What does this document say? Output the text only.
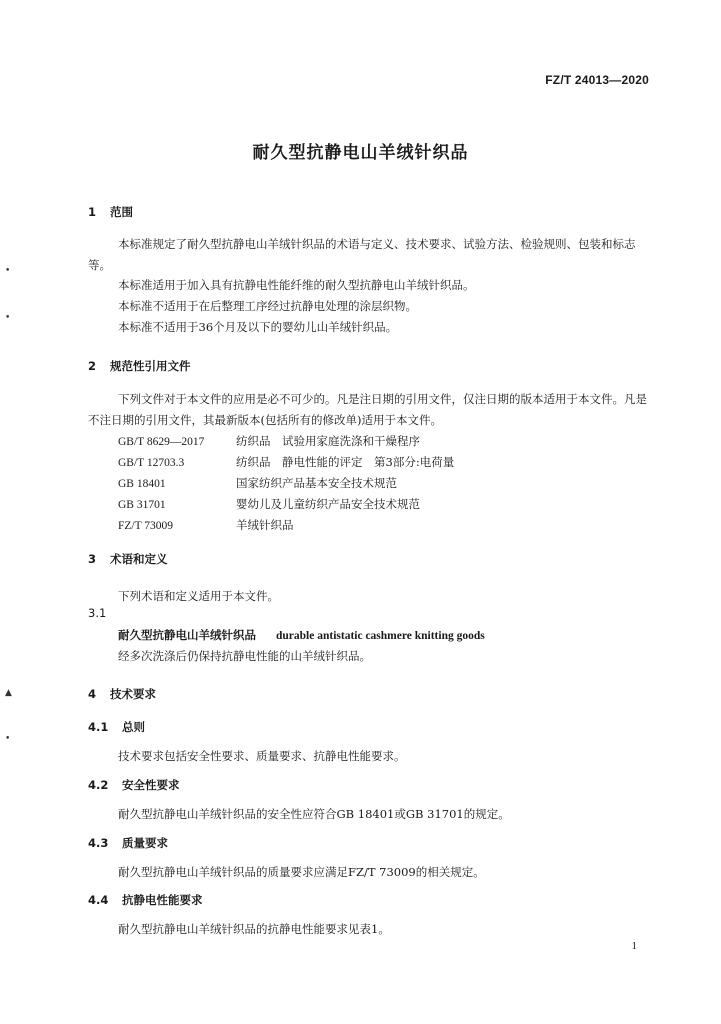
FZ/T 24013—2020
耐久型抗静电山羊绒针织品
1 范围
本标准规定了耐久型抗静电山羊绒针织品的术语与定义、技术要求、试验方法、检验规则、包装和标志等。
本标准适用于加入具有抗静电性能纤维的耐久型抗静电山羊绒针织品。
本标准不适用于在后整理工序经过抗静电处理的涂层织物。
本标准不适用于36个月及以下的婴幼儿山羊绒针织品。
2 规范性引用文件
下列文件对于本文件的应用是必不可少的。凡是注日期的引用文件，仅注日期的版本适用于本文件。凡是不注日期的引用文件，其最新版本(包括所有的修改单)适用于本文件。
GB/T 8629—2017	纺织品　试验用家庭洗涤和干燥程序
GB/T 12703.3	纺织品　静电性能的评定　第3部分:电荷量
GB 18401	国家纺织产品基本安全技术规范
GB 31701	婴幼儿及儿童纺织产品安全技术规范
FZ/T 73009	羊绒针织品
3 术语和定义
下列术语和定义适用于本文件。
3.1
耐久型抗静电山羊绒针织品 durable antistatic cashmere knitting goods
经多次洗涤后仍保持抗静电性能的山羊绒针织品。
4 技术要求
4.1 总则
技术要求包括安全性要求、质量要求、抗静电性能要求。
4.2 安全性要求
耐久型抗静电山羊绒针织品的安全性应符合GB 18401或GB 31701的规定。
4.3 质量要求
耐久型抗静电山羊绒针织品的质量要求应满足FZ/T 73009的相关规定。
4.4 抗静电性能要求
耐久型抗静电山羊绒针织品的抗静电性能要求见表1。
1
•
•
▲
•
